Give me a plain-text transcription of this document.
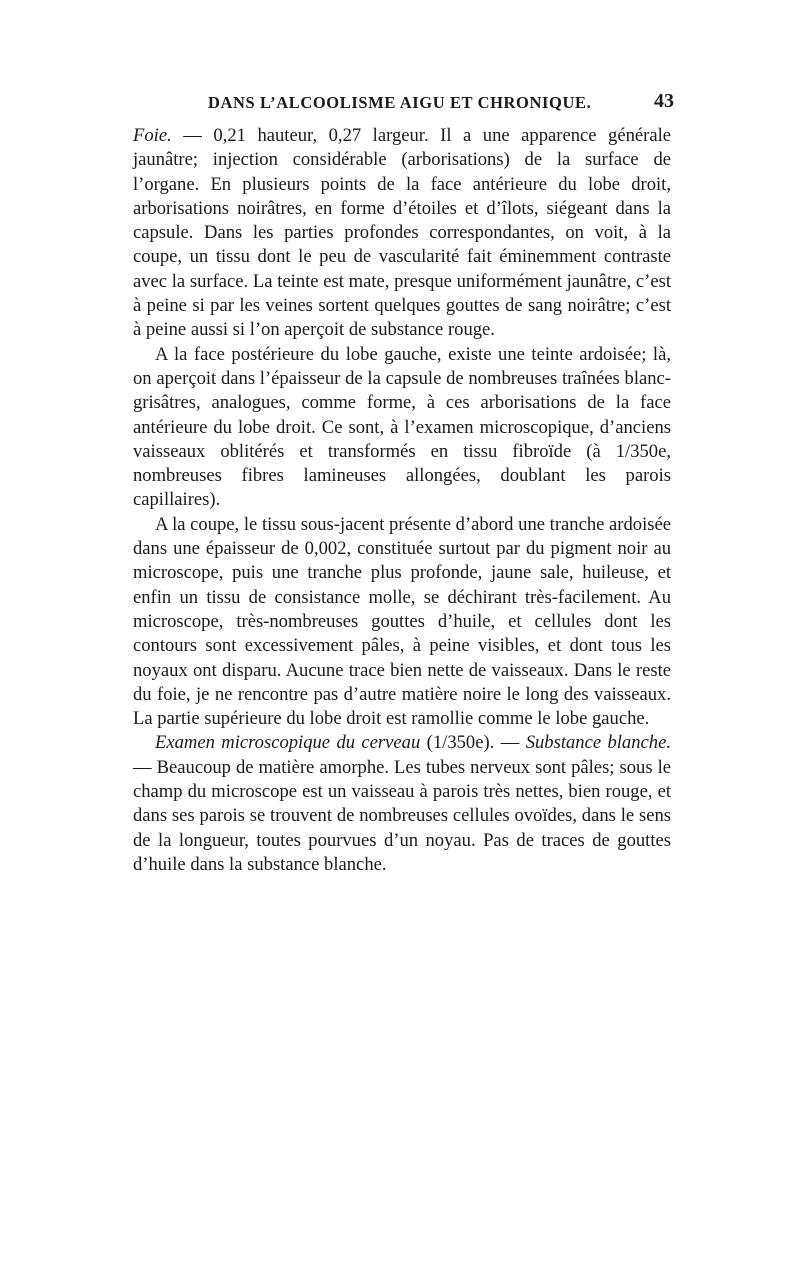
DANS L’ALCOOLISME AIGU ET CHRONIQUE.	43

Foie. — 0,21 hauteur, 0,27 largeur. Il a une apparence générale jaunâtre; injection considérable (arborisations) de la surface de l’organe. En plusieurs points de la face antérieure du lobe droit, arborisations noirâtres, en forme d’étoiles et d’îlots, siégeant dans la capsule. Dans les parties profondes correspondantes, on voit, à la coupe, un tissu dont le peu de vascularité fait éminemment contraste avec la surface. La teinte est mate, presque uniformément jaunâtre, c’est à peine si par les veines sortent quelques gouttes de sang noirâtre; c’est à peine aussi si l’on aperçoit de substance rouge.

A la face postérieure du lobe gauche, existe une teinte ardoisée; là, on aperçoit dans l’épaisseur de la capsule de nombreuses traînées blanc-grisâtres, analogues, comme forme, à ces arborisations de la face antérieure du lobe droit. Ce sont, à l’examen microscopique, d’anciens vaisseaux oblitérés et transformés en tissu fibroïde (à 1/350e, nombreuses fibres lamineuses allongées, doublant les parois capillaires).

A la coupe, le tissu sous-jacent présente d’abord une tranche ardoisée dans une épaisseur de 0,002, constituée surtout par du pigment noir au microscope, puis une tranche plus profonde, jaune sale, huileuse, et enfin un tissu de consistance molle, se déchirant très-facilement. Au microscope, très-nombreuses gouttes d’huile, et cellules dont les contours sont excessivement pâles, à peine visibles, et dont tous les noyaux ont disparu. Aucune trace bien nette de vaisseaux. Dans le reste du foie, je ne rencontre pas d’autre matière noire le long des vaisseaux. La partie supérieure du lobe droit est ramollie comme le lobe gauche.

Examen microscopique du cerveau (1/350e). — Substance blanche. — Beaucoup de matière amorphe. Les tubes nerveux sont pâles; sous le champ du microscope est un vaisseau à parois très nettes, bien rouge, et dans ses parois se trouvent de nombreuses cellules ovoïdes, dans le sens de la longueur, toutes pourvues d’un noyau. Pas de traces de gouttes d’huile dans la substance blanche.
